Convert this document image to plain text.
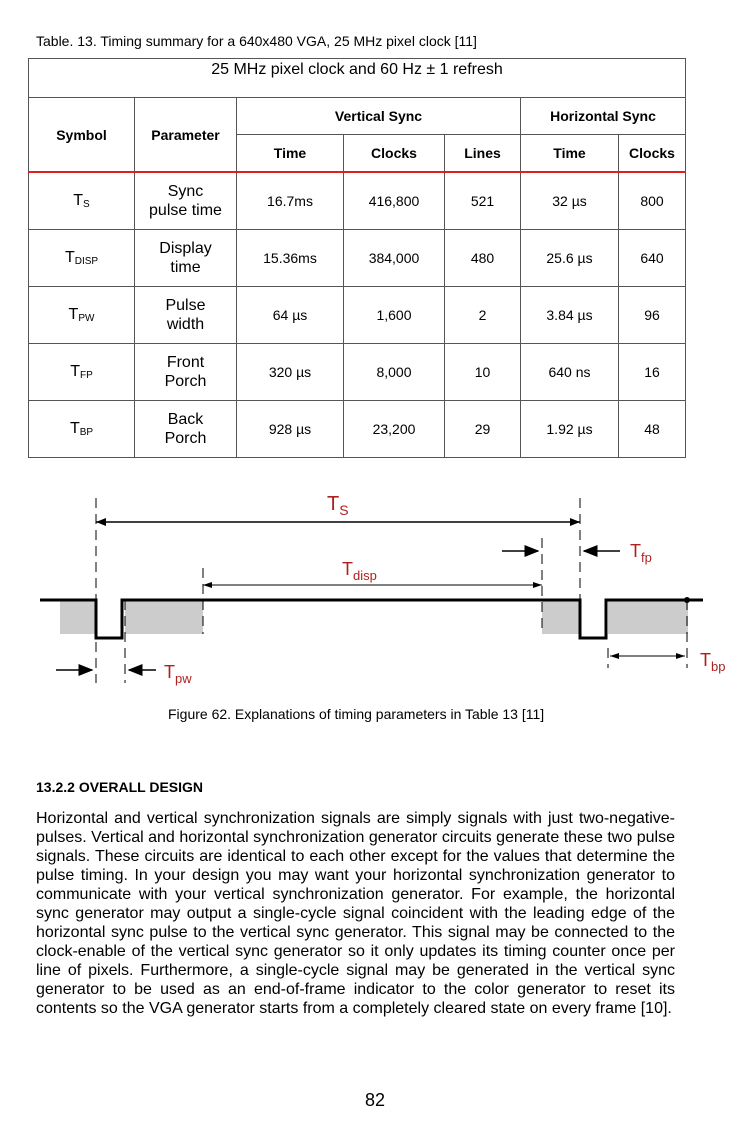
Table. 13. Timing summary for a 640x480 VGA, 25 MHz pixel clock [11]
25 MHz pixel clock and 60 Hz ± 1 refresh						
Symbol	Parameter	Vertical Sync			Horizontal Sync	
		Time	Clocks	Lines	Time	Clocks
$T_S$	Sync pulse time	16.7ms	416,800	521	32 µs	800
$T_{DISP}$	Display time	15.36ms	384,000	480	25.6 µs	640
$T_{PW}$	Pulse width	64 µs	1,600	2	3.84 µs	96
$T_{FP}$	Front Porch	320 µs	8,000	10	640 ns	16
$T_{BP}$	Back Porch	928 µs	23,200	29	1.92 µs	48
$T_S$
$T_{disp}$
$T_{fp}$
$T_{pw}$
$T_{bp}$
Figure 62. Explanations of timing parameters in Table 13 [11]
13.2.2 OVERALL DESIGN
Horizontal and vertical synchronization signals are simply signals with just two-negative-pulses. Vertical and horizontal synchronization generator circuits generate these two pulse signals. These circuits are identical to each other except for the values that determine the pulse timing. In your design you may want your horizontal synchronization generator to communicate with your vertical synchronization generator. For example, the horizontal sync generator may output a single-cycle signal coincident with the leading edge of the horizontal sync pulse to the vertical sync generator. This signal may be connected to the clock-enable of the vertical sync generator so it only updates its timing counter once per line of pixels. Furthermore, a single-cycle signal may be generated in the vertical sync generator to be used as an end-of-frame indicator to the color generator to reset its contents so the VGA generator starts from a completely cleared state on every frame [10].
82
